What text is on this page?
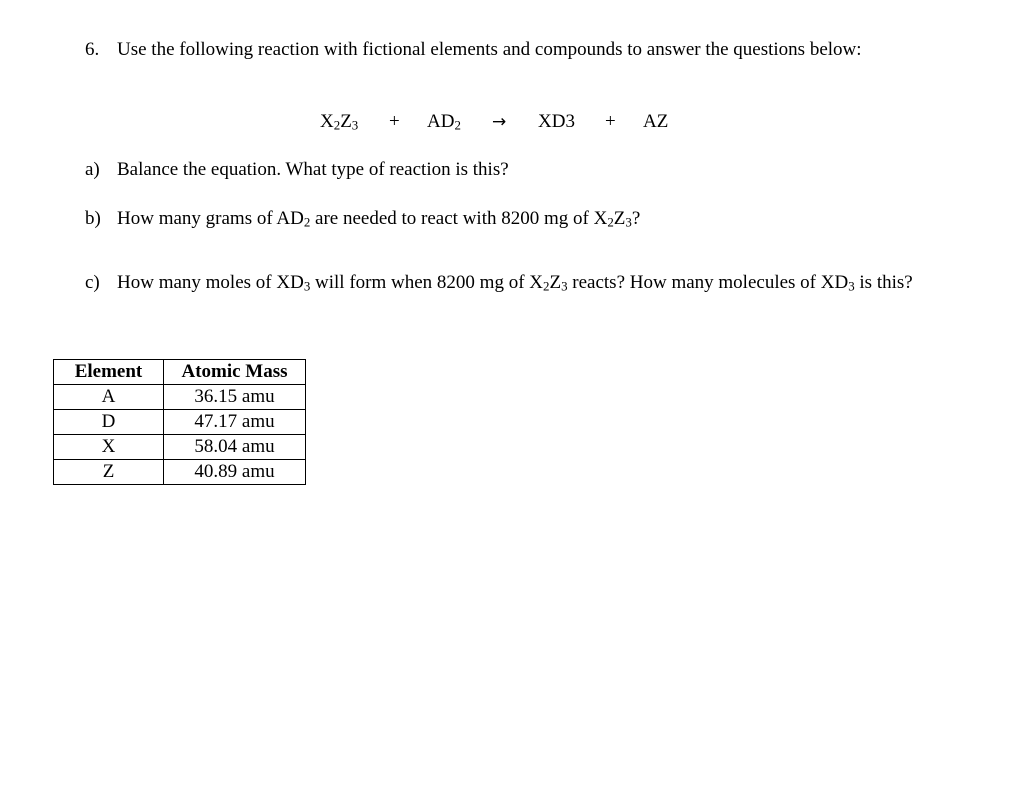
6. Use the following reaction with fictional elements and compounds to answer the questions below:
$X_2Z_3 + AD_2 \to XD3$ + AZ
a) Balance the equation. What type of reaction is this?
b) How many grams of $AD_2$ are needed to react with 8200 mg of $X_2Z_3$?
c) How many moles of $XD_3$ will form when 8200 mg of $X_2Z_3$ reacts? How many molecules of $XD_3$ is this?
Element	Atomic Mass
A	36.15 amu
D	47.17 amu
X	58.04 amu
Z	40.89 amu
